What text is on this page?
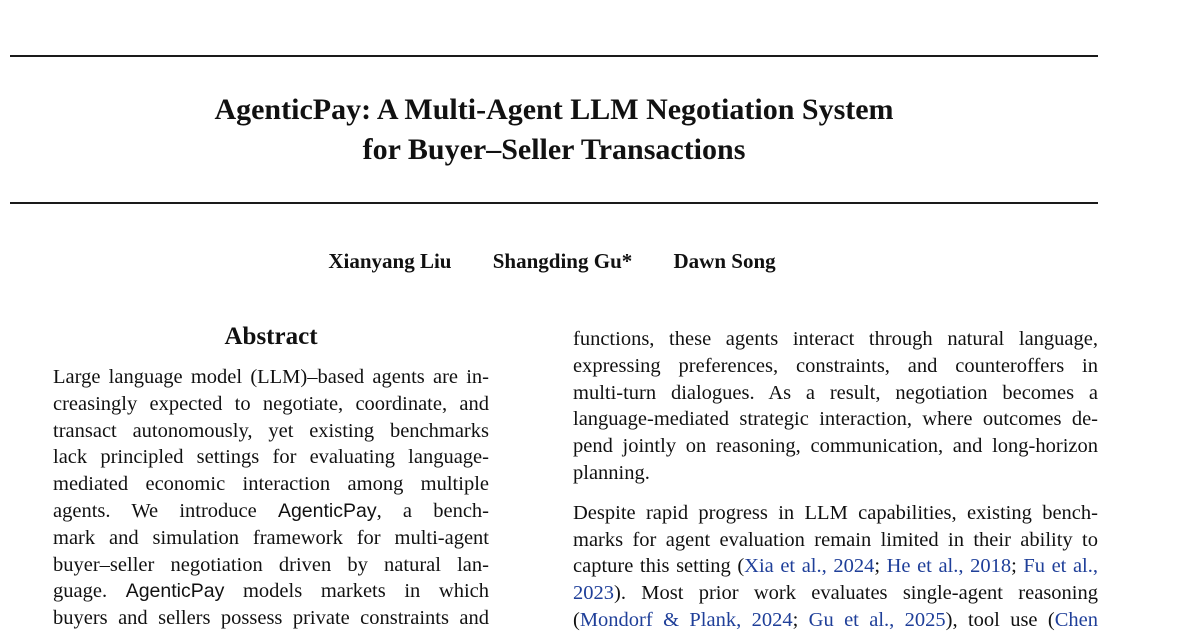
AgenticPay: A Multi-Agent LLM Negotiation System
for Buyer–Seller Transactions
Xianyang Liu Shangding Gu* Dawn Song
Abstract
Large language model (LLM)–based agents are in-
creasingly expected to negotiate, coordinate, and
transact autonomously, yet existing benchmarks
lack principled settings for evaluating language-
mediated economic interaction among multiple
agents. We introduce AgenticPay, a bench-
mark and simulation framework for multi-agent
buyer–seller negotiation driven by natural lan-
guage. AgenticPay models markets in which
buyers and sellers possess private constraints and
functions, these agents interact through natural language,
expressing preferences, constraints, and counteroffers in
multi-turn dialogues. As a result, negotiation becomes a
language-mediated strategic interaction, where outcomes de-
pend jointly on reasoning, communication, and long-horizon
planning.
Despite rapid progress in LLM capabilities, existing bench-
marks for agent evaluation remain limited in their ability to
capture this setting (Xia et al., 2024; He et al., 2018; Fu et al.,
2023). Most prior work evaluates single-agent reasoning
(Mondorf & Plank, 2024; Gu et al., 2025), tool use (Chen
